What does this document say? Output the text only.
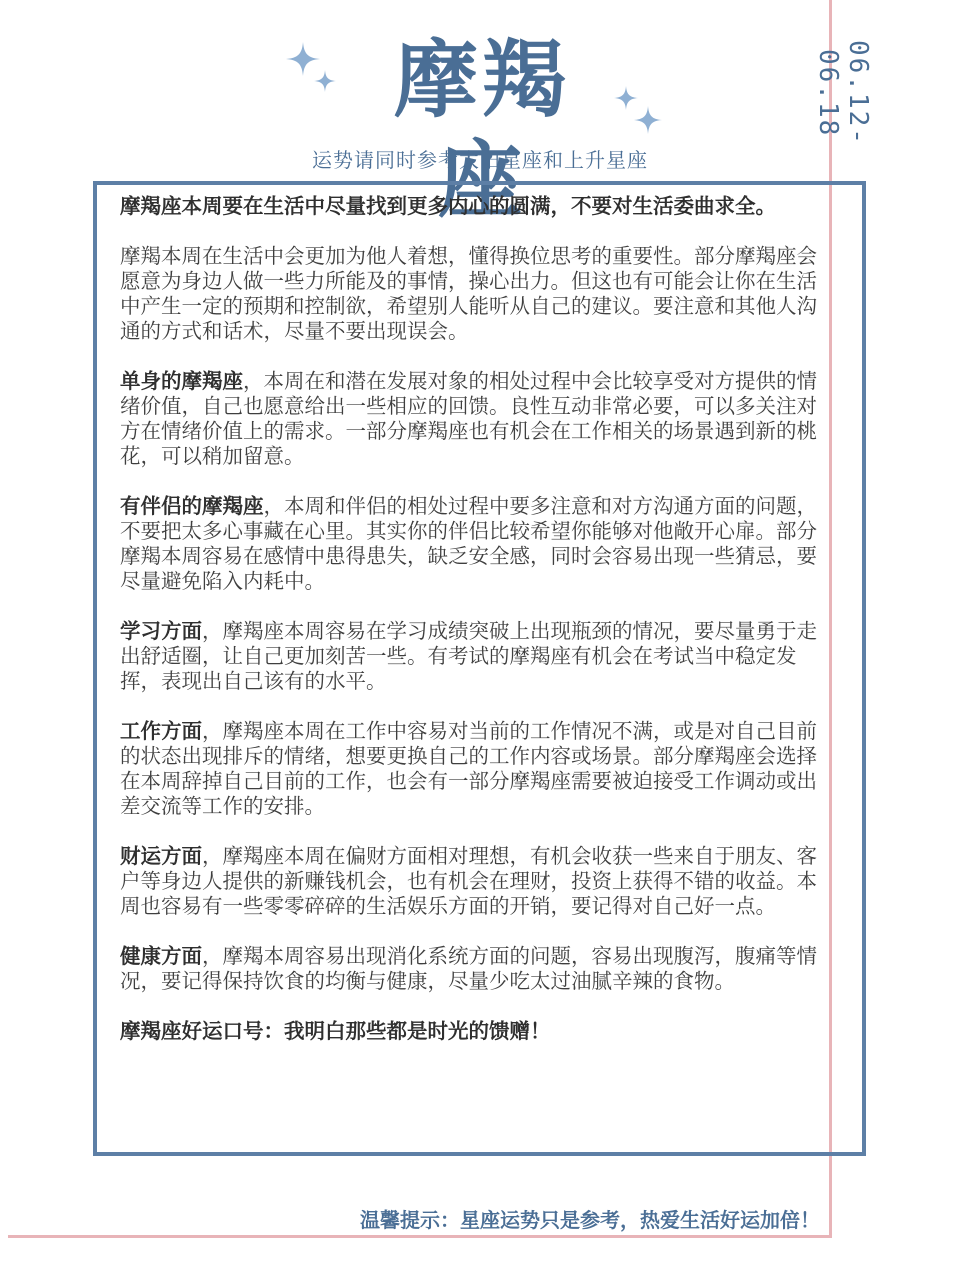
06.12-06.18
摩羯座
运势请同时参考太阳星座和上升星座

摩羯座本周要在生活中尽量找到更多内心的圆满，不要对生活委曲求全。

摩羯本周在生活中会更加为他人着想，懂得换位思考的重要性。部分摩羯座会愿意为身边人做一些力所能及的事情，操心出力。但这也有可能会让你在生活中产生一定的预期和控制欲，希望别人能听从自己的建议。要注意和其他人沟通的方式和话术，尽量不要出现误会。

单身的摩羯座，本周在和潜在发展对象的相处过程中会比较享受对方提供的情绪价值，自己也愿意给出一些相应的回馈。良性互动非常必要，可以多关注对方在情绪价值上的需求。一部分摩羯座也有机会在工作相关的场景遇到新的桃花，可以稍加留意。

有伴侣的摩羯座，本周和伴侣的相处过程中要多注意和对方沟通方面的问题，不要把太多心事藏在心里。其实你的伴侣比较希望你能够对他敞开心扉。部分摩羯本周容易在感情中患得患失，缺乏安全感，同时会容易出现一些猜忌，要尽量避免陷入内耗中。

学习方面，摩羯座本周容易在学习成绩突破上出现瓶颈的情况，要尽量勇于走出舒适圈，让自己更加刻苦一些。有考试的摩羯座有机会在考试当中稳定发挥，表现出自己该有的水平。

工作方面，摩羯座本周在工作中容易对当前的工作情况不满，或是对自己目前的状态出现排斥的情绪，想要更换自己的工作内容或场景。部分摩羯座会选择在本周辞掉自己目前的工作，也会有一部分摩羯座需要被迫接受工作调动或出差交流等工作的安排。

财运方面，摩羯座本周在偏财方面相对理想，有机会收获一些来自于朋友、客户等身边人提供的新赚钱机会，也有机会在理财，投资上获得不错的收益。本周也容易有一些零零碎碎的生活娱乐方面的开销，要记得对自己好一点。

健康方面，摩羯本周容易出现消化系统方面的问题，容易出现腹泻，腹痛等情况，要记得保持饮食的均衡与健康，尽量少吃太过油腻辛辣的食物。

摩羯座好运口号：我明白那些都是时光的馈赠！

温馨提示：星座运势只是参考，热爱生活好运加倍！
